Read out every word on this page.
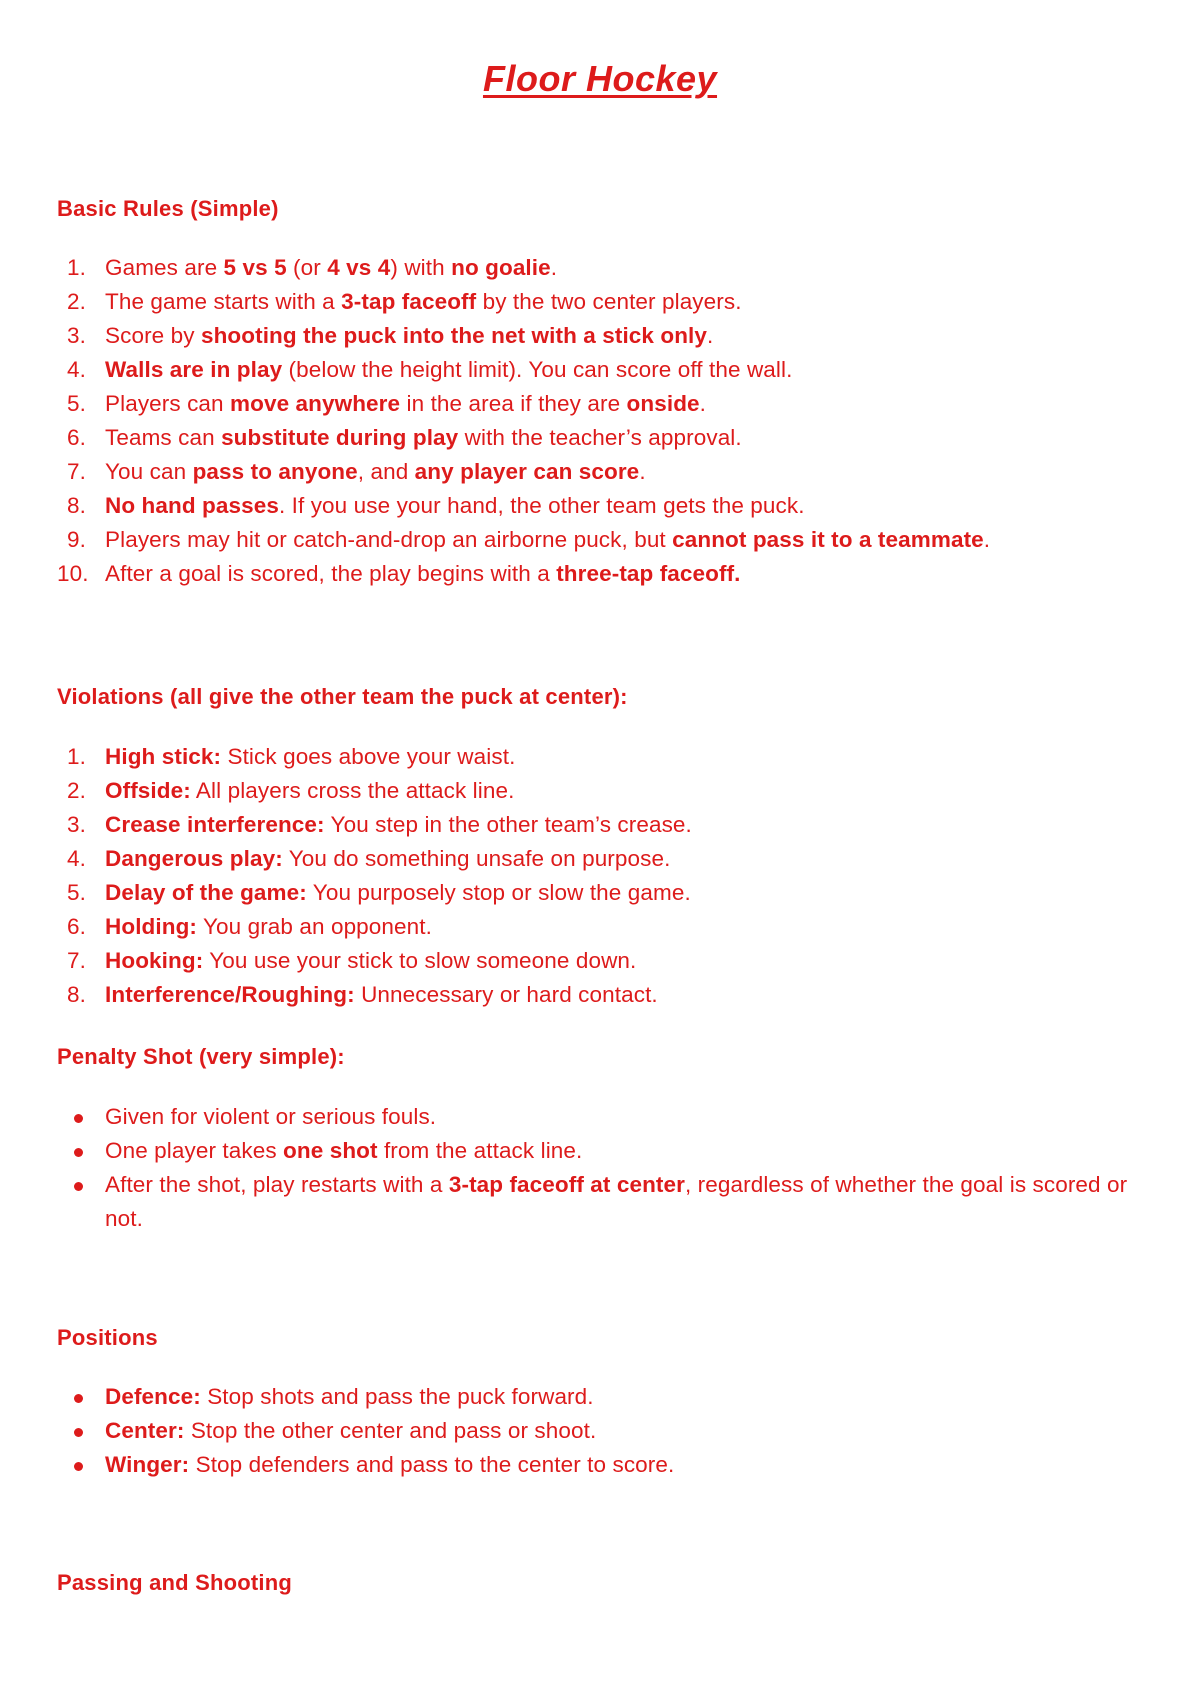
Floor Hockey
Basic Rules (Simple)
1. Games are 5 vs 5 (or 4 vs 4) with no goalie.
2. The game starts with a 3-tap faceoff by the two center players.
3. Score by shooting the puck into the net with a stick only.
4. Walls are in play (below the height limit). You can score off the wall.
5. Players can move anywhere in the area if they are onside.
6. Teams can substitute during play with the teacher’s approval.
7. You can pass to anyone, and any player can score.
8. No hand passes. If you use your hand, the other team gets the puck.
9. Players may hit or catch-and-drop an airborne puck, but cannot pass it to a teammate.
10. After a goal is scored, the play begins with a three-tap faceoff.
Violations (all give the other team the puck at center):
1. High stick: Stick goes above your waist.
2. Offside: All players cross the attack line.
3. Crease interference: You step in the other team’s crease.
4. Dangerous play: You do something unsafe on purpose.
5. Delay of the game: You purposely stop or slow the game.
6. Holding: You grab an opponent.
7. Hooking: You use your stick to slow someone down.
8. Interference/Roughing: Unnecessary or hard contact.
Penalty Shot (very simple):
Given for violent or serious fouls.
One player takes one shot from the attack line.
After the shot, play restarts with a 3-tap faceoff at center, regardless of whether the goal is scored or not.
Positions
Defence: Stop shots and pass the puck forward.
Center: Stop the other center and pass or shoot.
Winger: Stop defenders and pass to the center to score.
Passing and Shooting
